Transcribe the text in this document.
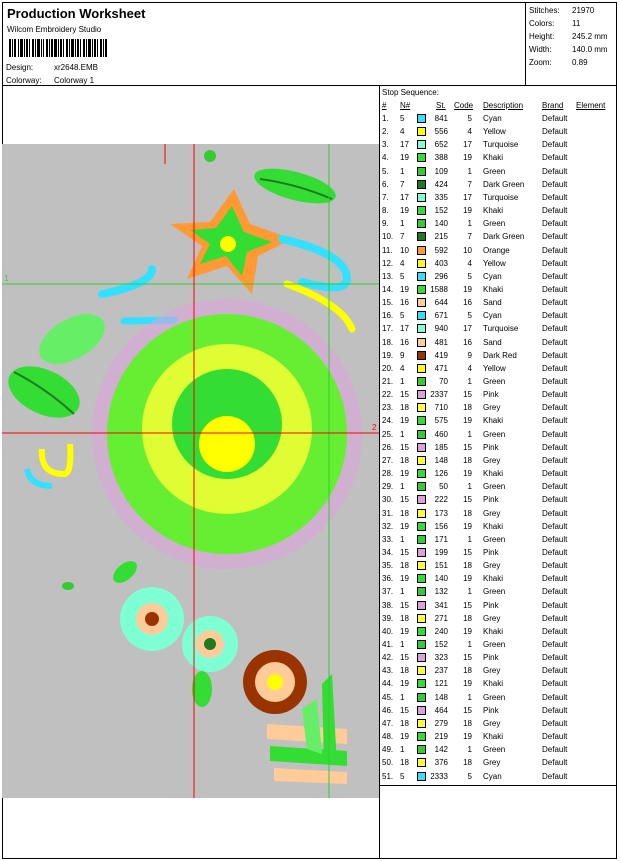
Production Worksheet
Wilcom Embroidery Studio
Design:	xr2648.EMB
Colorway: Colorway 1
Stitches: 21970
Colors: 11
Height: 245.2 mm
Width:	140.0 mm
Zoom:	0.89
1
2
Stop Sequence:
# N#	St. Code Description Brand Element
1. 5	841 5 Cyan	Default
2. 4	556 4 Yellow	Default
3. 17	652 17 Turquoise	Default
4. 19	388 19 Khaki	Default
5. 1	109 1 Green	Default
6. 7	424 7 Dark Green Default
7. 17	335 17 Turquoise	Default
8. 19	152 19 Khaki	Default
9. 1	140 1 Green	Default
10. 7	215 7 Dark Green Default
11. 10	592 10 Orange	Default
12. 4	403 4 Yellow	Default
13. 5	296 5 Cyan	Default
14. 19	1588 19 Khaki	Default
15. 16	644 16 Sand	Default
16. 5	671 5 Cyan	Default
17. 17	940 17 Turquoise	Default
18. 16	481 16 Sand	Default
19. 9	419 9 Dark Red	Default
20. 4	471 4 Yellow	Default
21. 1	70 1 Green	Default
22. 15	2337 15 Pink	Default
23. 18	710 18 Grey	Default
24. 19	575 19 Khaki	Default
25. 1	460 1 Green	Default
26. 15	185 15 Pink	Default
27. 18	148 18 Grey	Default
28. 19	126 19 Khaki	Default
29. 1	50 1 Green	Default
30. 15	222 15 Pink	Default
31. 18	173 18 Grey	Default
32. 19	156 19 Khaki	Default
33. 1	171 1 Green	Default
34. 15	199 15 Pink	Default
35. 18	151 18 Grey	Default
36. 19	140 19 Khaki	Default
37. 1	132 1 Green	Default
38. 15	341 15 Pink	Default
39. 18	271 18 Grey	Default
40. 19	240 19 Khaki	Default
41. 1	152 1 Green	Default
42. 15	323 15 Pink	Default
43. 18	237 18 Grey	Default
44. 19	121 19 Khaki	Default
45. 1	148 1 Green	Default
46. 15	464 15 Pink	Default
47. 18	279 18 Grey	Default
48. 19	219 19 Khaki	Default
49. 1	142 1 Green	Default
50. 18	376 18 Grey	Default
51. 5	2333 5 Cyan	Default
